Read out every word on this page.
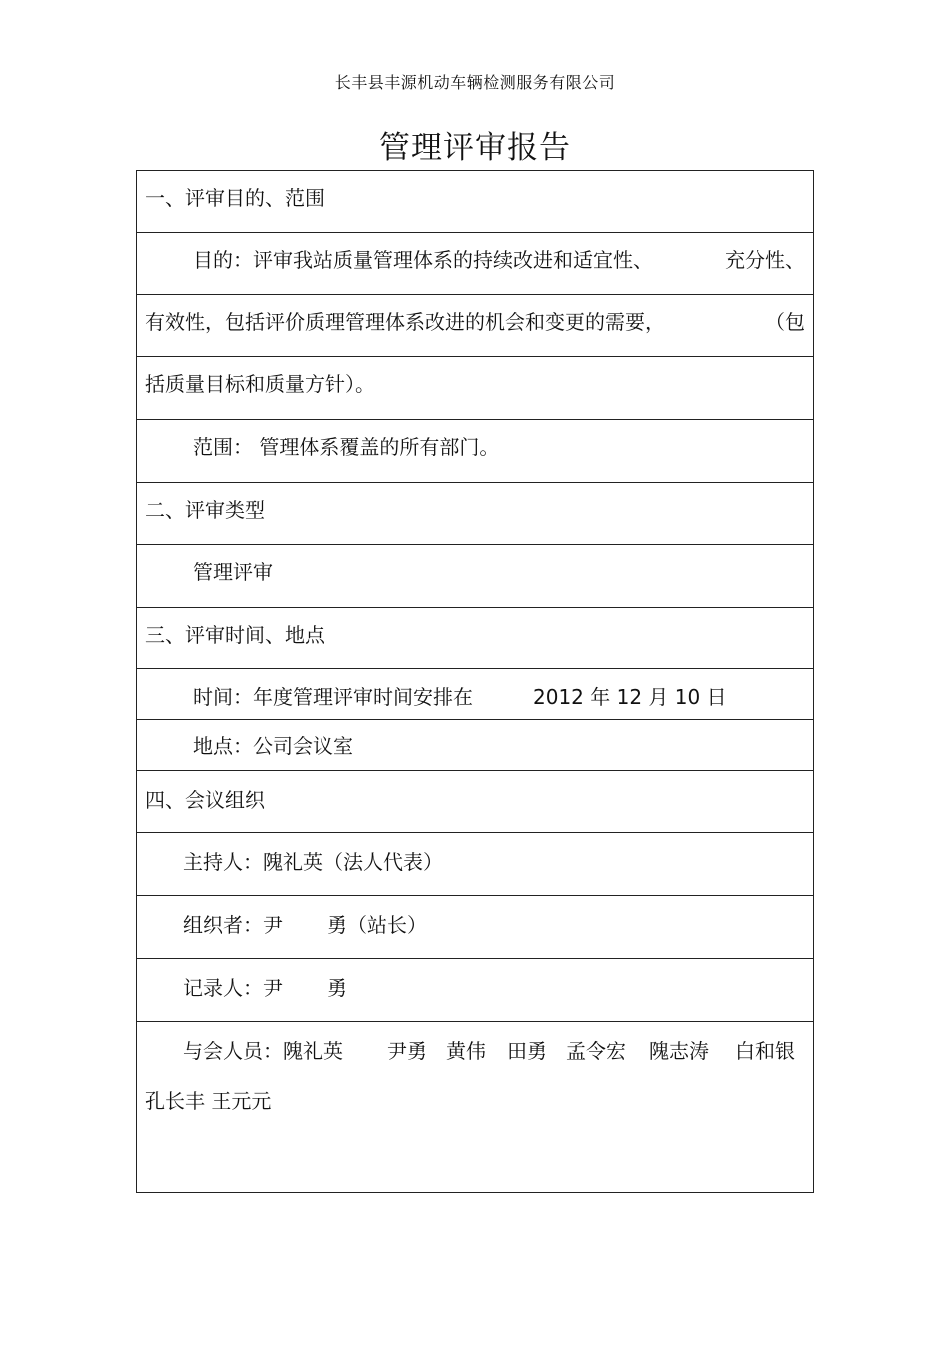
长丰县丰源机动车辆检测服务有限公司
管理评审报告
一、评审目的、范围
目的：评审我站质量管理体系的持续改进和适宜性、	充分性、
有效性，包括评价质理管理体系改进的机会和变更的需要，	（包
括质量目标和质量方针）。
范围： 管理体系覆盖的所有部门。
二、评审类型
管理评审
三、评审时间、地点
时间：年度管理评审时间安排在	2012 年 12 月 10 日
地点：公司会议室
四、会议组织
主持人：隗礼英（法人代表）
组织者：尹 勇（站长）
记录人：尹 勇
与会人员：隗礼英 尹勇 黄伟 田勇 孟令宏 隗志涛 白和银
孔长丰 王元元
